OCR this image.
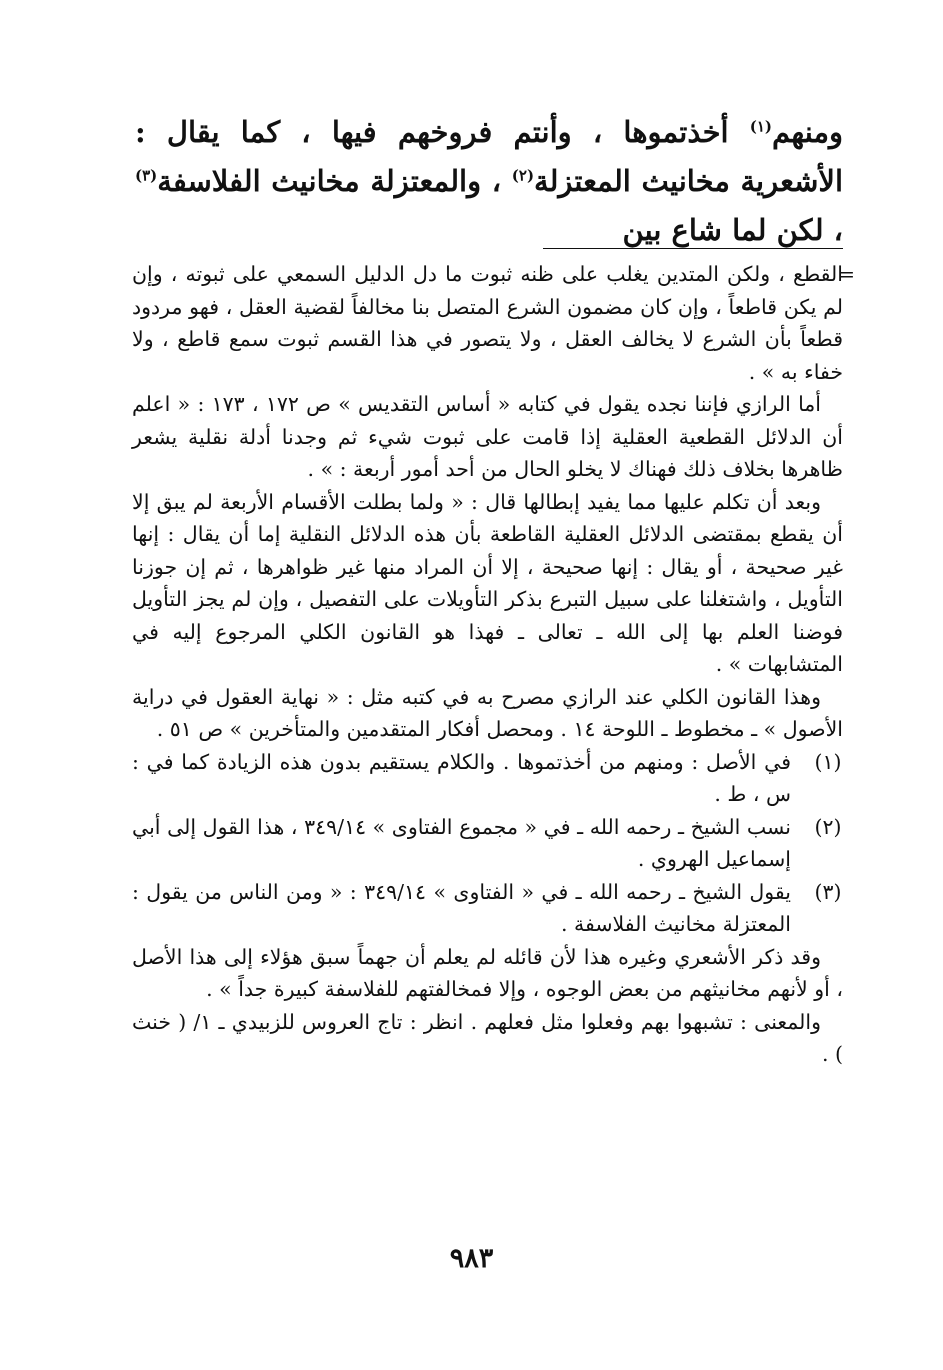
ومنهم$^{(١)}$ أخذتموها ، وأنتم فروخهم فيها ، كما يقال : الأشعرية مخانيث المعتزلة$^{(٢)}$ ، والمعتزلة مخانيث الفلاسفة$^{(٣)}$ ، لكن لما شاع بين

=

القطع ، ولكن المتدين يغلب على ظنه ثبوت ما دل الدليل السمعي على ثبوته ، وإن لم يكن قاطعاً ، وإن كان مضمون الشرع المتصل بنا مخالفاً لقضية العقل ، فهو مردود قطعاً بأن الشرع لا يخالف العقل ، ولا يتصور في هذا القسم ثبوت سمع قاطع ، ولا خفاء به » .

أما الرازي فإننا نجده يقول في كتابه « أساس التقديس » ص ١٧٢ ، ١٧٣ : « اعلم أن الدلائل القطعية العقلية إذا قامت على ثبوت شيء ثم وجدنا أدلة نقلية يشعر ظاهرها بخلاف ذلك فهناك لا يخلو الحال من أحد أمور أربعة : » .

وبعد أن تكلم عليها مما يفيد إبطالها قال : « ولما بطلت الأقسام الأربعة لم يبق إلا أن يقطع بمقتضى الدلائل العقلية القاطعة بأن هذه الدلائل النقلية إما أن يقال : إنها غير صحيحة ، أو يقال : إنها صحيحة ، إلا أن المراد منها غير ظواهرها ، ثم إن جوزنا التأويل ، واشتغلنا على سبيل التبرع بذكر التأويلات على التفصيل ، وإن لم يجز التأويل فوضنا العلم بها إلى الله ـ تعالى ـ فهذا هو القانون الكلي المرجوع إليه في المتشابهات » .

وهذا القانون الكلي عند الرازي مصرح به في كتبه مثل : « نهاية العقول في دراية الأصول » ـ مخطوط ـ اللوحة ١٤ . ومحصل أفكار المتقدمين والمتأخرين » ص ٥١ .

(١)
في الأصل : ومنهم من أخذتموها . والكلام يستقيم بدون هذه الزيادة كما في : س ، ط .

(٢)
نسب الشيخ ـ رحمه الله ـ في « مجموع الفتاوى » ٣٤٩/١٤ ، هذا القول إلى أبي إسماعيل الهروي .

(٣)
يقول الشيخ ـ رحمه الله ـ في « الفتاوى » ٣٤٩/١٤ : « ومن الناس من يقول : المعتزلة مخانيث الفلاسفة .

وقد ذكر الأشعري وغيره هذا لأن قائله لم يعلم أن جهماً سبق هؤلاء إلى هذا الأصل ، أو لأنهم مخانيثهم من بعض الوجوه ، وإلا فمخالفتهم للفلاسفة كبيرة جداً » .

والمعنى : تشبهوا بهم وفعلوا مثل فعلهم . انظر : تاج العروس للزبيدي ـ ١/ ( خنث ) .

٩٨٣
